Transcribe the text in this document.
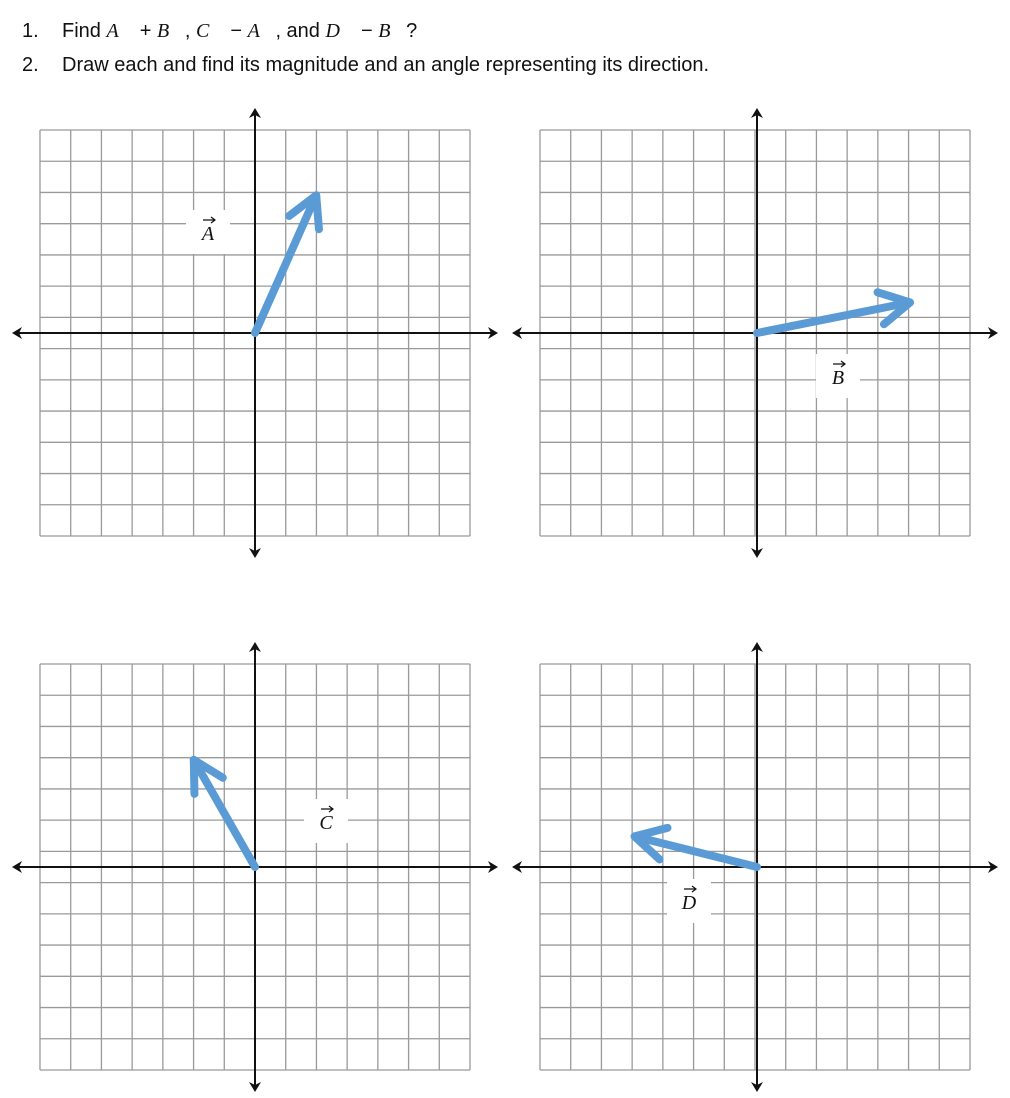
1. Find A + B, C − A, and D − B?
2. Draw each and find its magnitude and an angle representing its direction.
A
B
C
D
